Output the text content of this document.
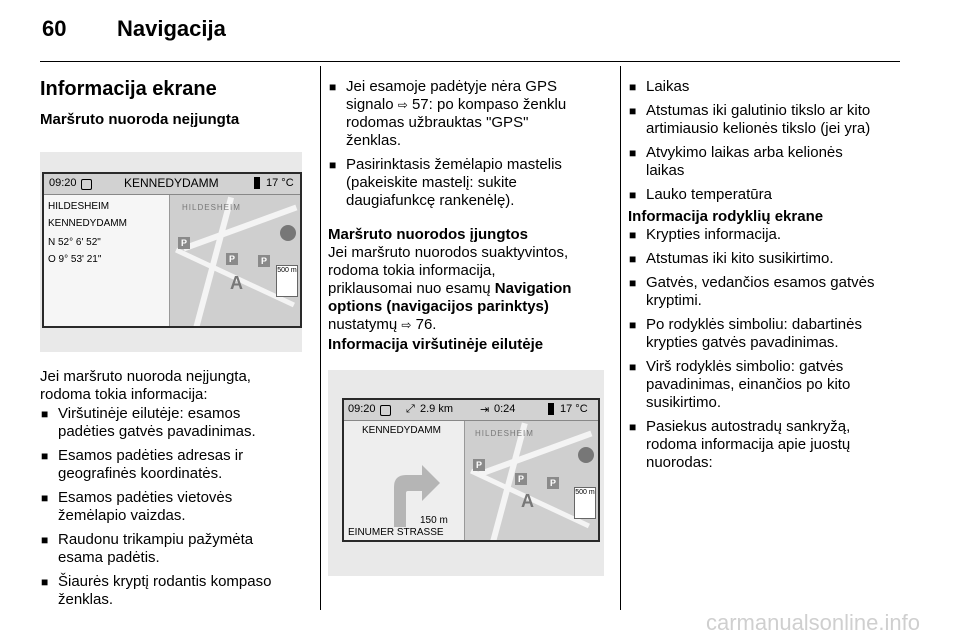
60 Navigacija
Informacija ekrane
Maršruto nuoroda neįjungta
09:20	KENNEDYDAMM	17 °C
HILDESHEIM
KENNEDYDAMM
N 52° 6' 52"
O 9° 53' 21"
HILDESHEIM
P
P	P
A
500 m
Jei maršruto nuoroda neįjungta,
rodoma tokia informacija:
■ Viršutinėje eilutėje: esamos
padėties gatvės pavadinimas.
■ Esamos padėties adresas ir
geografinės koordinatės.
■ Esamos padėties vietovės
žemėlapio vaizdas.
■ Raudonu trikampiu pažymėta
esama padėtis.
■ Šiaurės kryptį rodantis kompaso
ženklas.
■ Jei esamoje padėtyje nėra GPS
signalo ⇨ 57: po kompaso ženklu
rodomas užbrauktas "GPS"
ženklas.
■ Pasirinktasis žemėlapio mastelis
(pakeiskite mastelį: sukite
daugiafunkcę rankenėlę).
Maršruto nuorodos įjungtos
Jei maršruto nuorodos suaktyvintos,
rodoma tokia informacija,
priklausomai nuo esamų Navigation
options (navigacijos parinktys)
nustatymų ⇨ 76.
Informacija viršutinėje eilutėje
09:20	⤢ 2.9 km ⇥ 0:24	17 °C
KENNEDYDAMM
150 m
EINUMER STRASSE
HILDESHEIM
P
P	P
A	500 m
■ Laikas
■ Atstumas iki galutinio tikslo ar kito
artimiausio kelionės tikslo (jei yra)
■ Atvykimo laikas arba kelionės
laikas
■ Lauko temperatūra
Informacija rodyklių ekrane
■ Krypties informacija.
■ Atstumas iki kito susikirtimo.
■ Gatvės, vedančios esamos gatvės
kryptimi.
■ Po rodyklės simboliu: dabartinės
krypties gatvės pavadinimas.
■ Virš rodyklės simbolio: gatvės
pavadinimas, einančios po kito
susikirtimo.
■ Pasiekus autostradų sankryžą,
rodoma informacija apie juostų
nuorodas:
carmanualsonline.info
